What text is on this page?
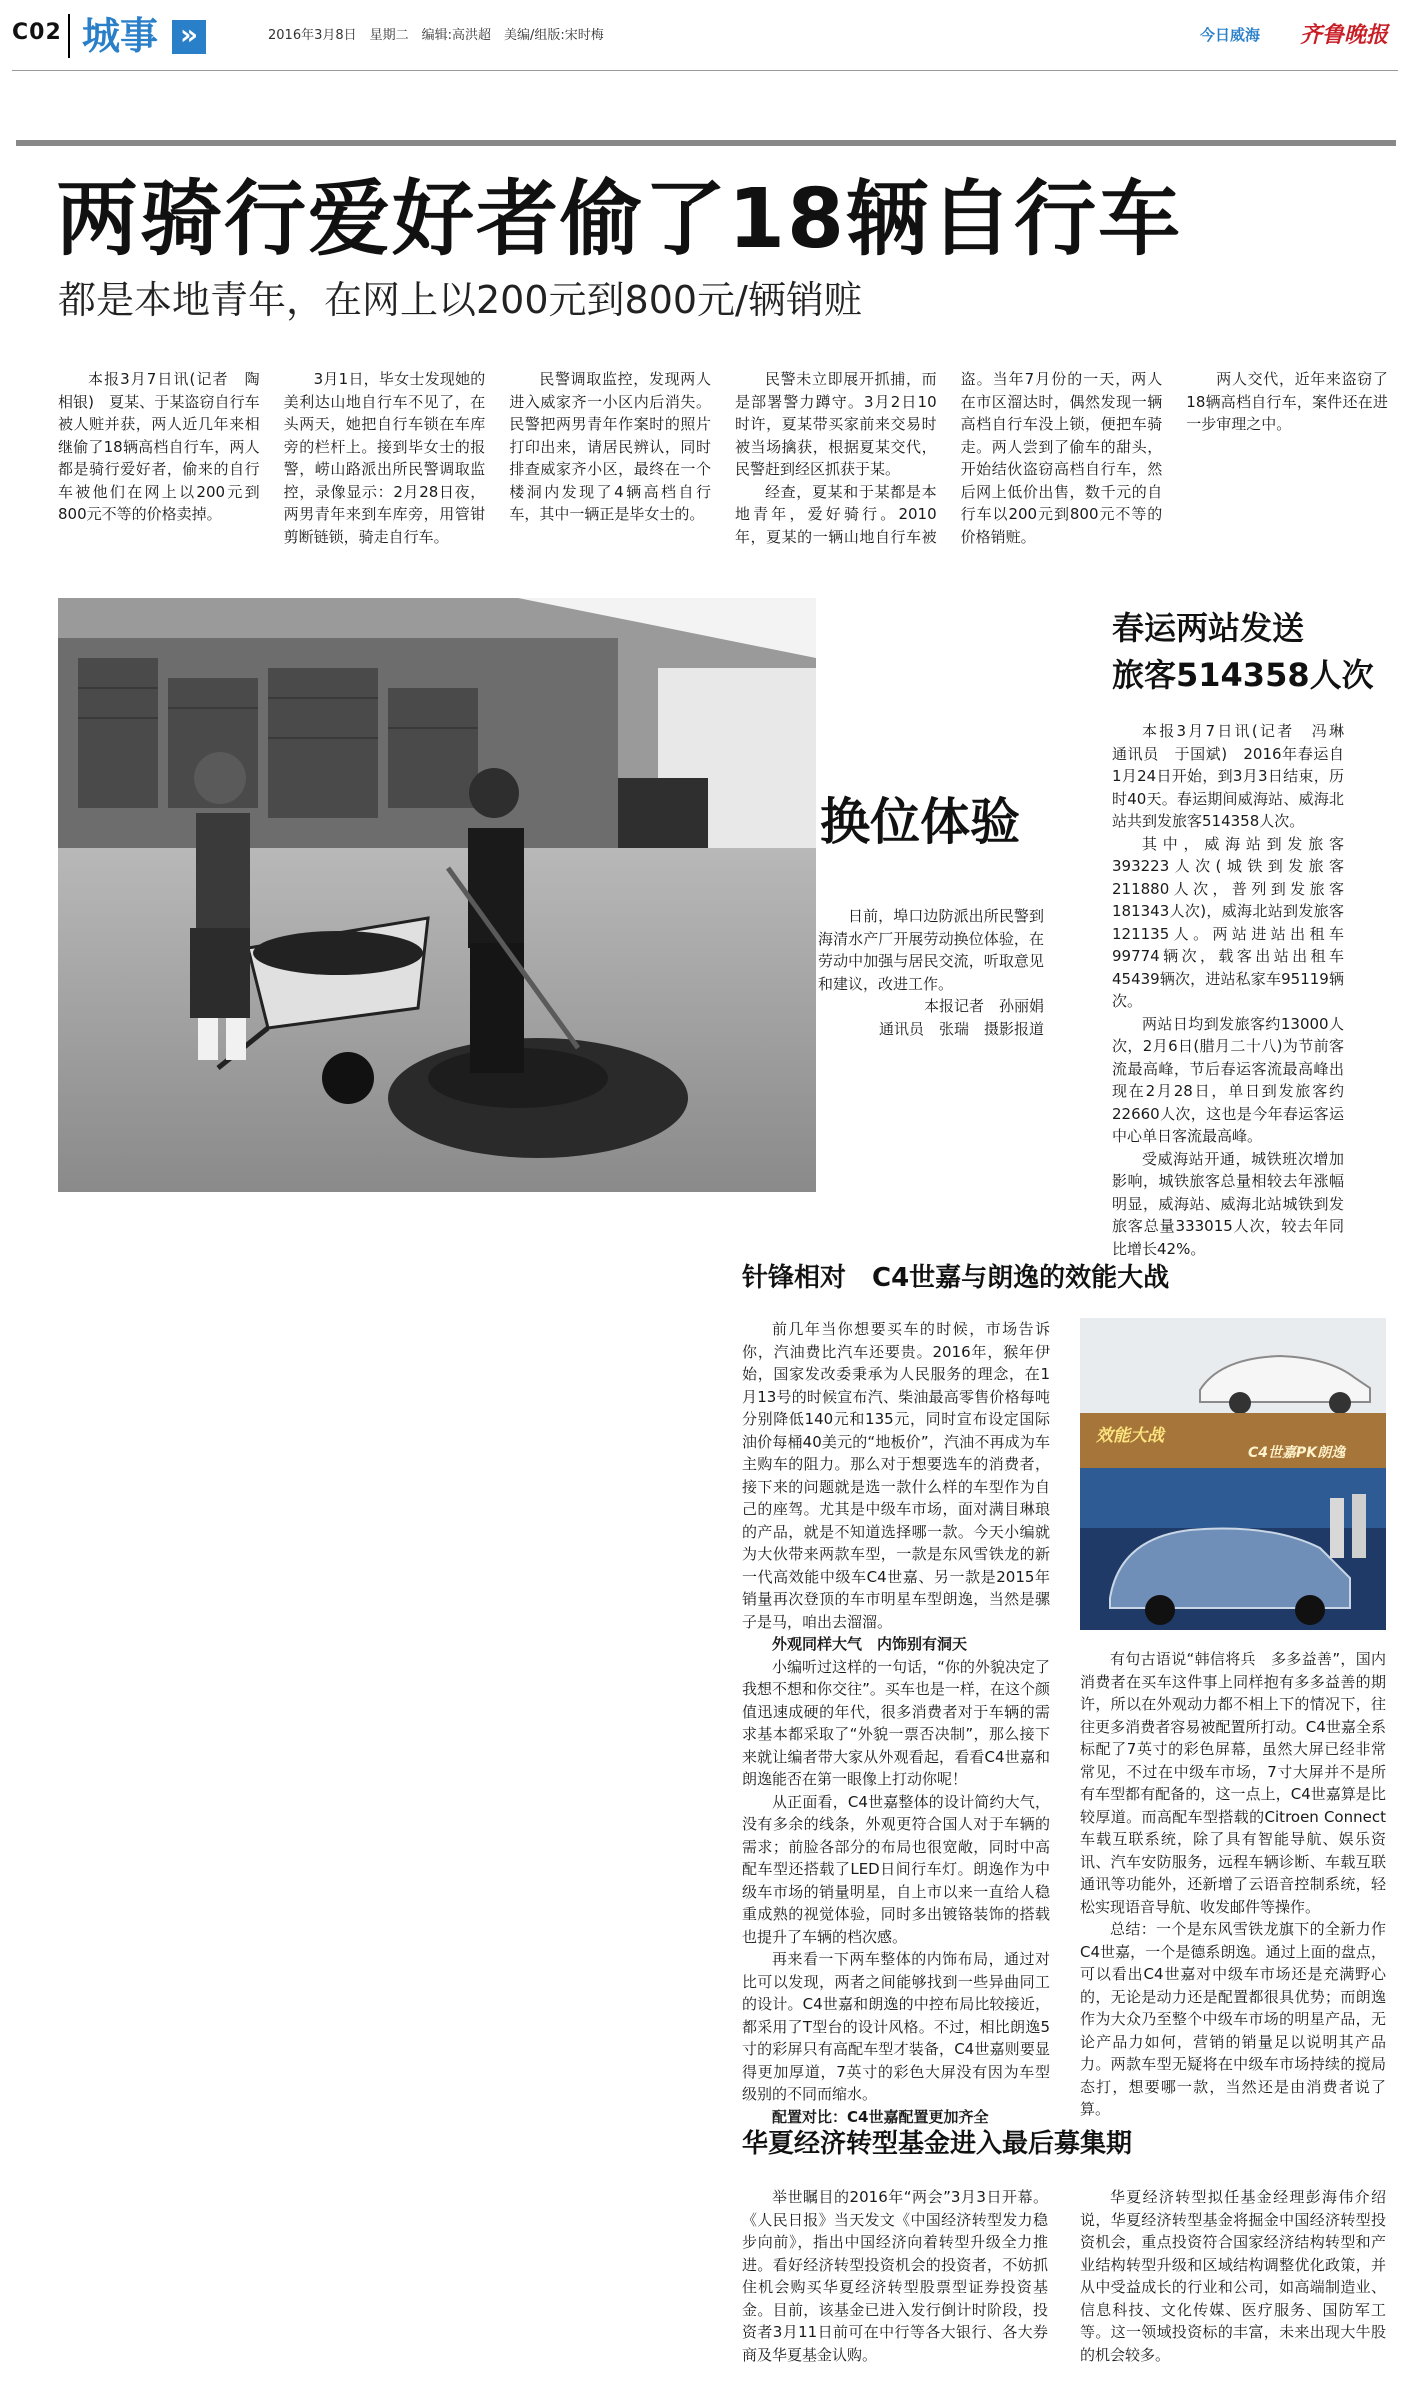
C02 城事 »	2016年3月8日　星期二　编辑:高洪超　美编/组版:宋时梅	今日威海 齐鲁晚报
两骑行爱好者偷了18辆自行车
都是本地青年，在网上以200元到800元/辆销赃

本报3月7日讯(记者　陶相银)　夏某、于某盗窃自行车被人赃并获，两人近几年来相继偷了18辆高档自行车，两人都是骑行爱好者，偷来的自行车被他们在网上以200元到800元不等的价格卖掉。

3月1日，毕女士发现她的美利达山地自行车不见了，在头两天，她把自行车锁在车库旁的栏杆上。接到毕女士的报警，崂山路派出所民警调取监控，录像显示：2月28日夜，两男青年来到车库旁，用管钳剪断链锁，骑走自行车。

民警调取监控，发现两人进入威家齐一小区内后消失。民警把两男青年作案时的照片打印出来，请居民辨认，同时排查威家齐小区，最终在一个楼洞内发现了4辆高档自行车，其中一辆正是毕女士的。

民警未立即展开抓捕，而是部署警力蹲守。3月2日10时许，夏某带买家前来交易时被当场擒获，根据夏某交代，民警赶到经区抓获于某。

经查，夏某和于某都是本地青年，爱好骑行。2010年，夏某的一辆山地自行车被盗。当年7月份的一天，两人在市区溜达时，偶然发现一辆高档自行车没上锁，便把车骑走。两人尝到了偷车的甜头，开始结伙盗窃高档自行车，然后网上低价出售，数千元的自行车以200元到800元不等的价格销赃。

两人交代，近年来盗窃了18辆高档自行车，案件还在进一步审理之中。

换位体验

日前，埠口边防派出所民警到海清水产厂开展劳动换位体验，在劳动中加强与居民交流，听取意见和建议，改进工作。

本报记者　孙丽娟

通讯员　张瑞　摄影报道

春运两站发送
旅客514358人次

本报3月7日讯(记者　冯琳　通讯员　于国斌)　2016年春运自1月24日开始，到3月3日结束，历时40天。春运期间威海站、威海北站共到发旅客514358人次。

其中，威海站到发旅客393223人次(城铁到发旅客211880人次，普列到发旅客181343人次)，威海北站到发旅客121135人。两站进站出租车99774辆次，载客出站出租车45439辆次，进站私家车95119辆次。

两站日均到发旅客约13000人次，2月6日(腊月二十八)为节前客流最高峰，节后春运客流最高峰出现在2月28日，单日到发旅客约22660人次，这也是今年春运客运中心单日客流最高峰。

受威海站开通，城铁班次增加影响，城铁旅客总量相较去年涨幅明显，威海站、威海北站城铁到发旅客总量333015人次，较去年同比增长42%。

针锋相对　C4世嘉与朗逸的效能大战

前几年当你想要买车的时候，市场告诉你，汽油费比汽车还要贵。2016年，猴年伊始，国家发改委秉承为人民服务的理念，在1月13号的时候宣布汽、柴油最高零售价格每吨分别降低140元和135元，同时宣布设定国际油价每桶40美元的“地板价”，汽油不再成为车主购车的阻力。那么对于想要选车的消费者，接下来的问题就是选一款什么样的车型作为自己的座驾。尤其是中级车市场，面对满目琳琅的产品，就是不知道选择哪一款。今天小编就为大伙带来两款车型，一款是东风雪铁龙的新一代高效能中级车C4世嘉、另一款是2015年销量再次登顶的车市明星车型朗逸，当然是骡子是马，咱出去溜溜。

外观同样大气　内饰别有洞天

小编听过这样的一句话，“你的外貌决定了我想不想和你交往”。买车也是一样，在这个颜值迅速成硬的年代，很多消费者对于车辆的需求基本都采取了“外貌一票否决制”，那么接下来就让编者带大家从外观看起，看看C4世嘉和朗逸能否在第一眼像上打动你呢！

从正面看，C4世嘉整体的设计简约大气，没有多余的线条，外观更符合国人对于车辆的需求；前脸各部分的布局也很宽敞，同时中高配车型还搭载了LED日间行车灯。朗逸作为中级车市场的销量明星，自上市以来一直给人稳重成熟的视觉体验，同时多出镀铬装饰的搭载也提升了车辆的档次感。

再来看一下两车整体的内饰布局，通过对比可以发现，两者之间能够找到一些异曲同工的设计。C4世嘉和朗逸的中控布局比较接近，都采用了T型台的设计风格。不过，相比朗逸5寸的彩屏只有高配车型才装备，C4世嘉则要显得更加厚道，7英寸的彩色大屏没有因为车型级别的不同而缩水。

配置对比：C4世嘉配置更加齐全

效能大战
C4世嘉PK朗逸

有句古语说“韩信将兵　多多益善”，国内消费者在买车这件事上同样抱有多多益善的期许，所以在外观动力都不相上下的情况下，往往更多消费者容易被配置所打动。C4世嘉全系标配了7英寸的彩色屏幕，虽然大屏已经非常常见，不过在中级车市场，7寸大屏并不是所有车型都有配备的，这一点上，C4世嘉算是比较厚道。而高配车型搭载的Citroen Connect车载互联系统，除了具有智能导航、娱乐资讯、汽车安防服务，远程车辆诊断、车载互联通讯等功能外，还新增了云语音控制系统，轻松实现语音导航、收发邮件等操作。

总结：一个是东风雪铁龙旗下的全新力作C4世嘉，一个是德系朗逸。通过上面的盘点，可以看出C4世嘉对中级车市场还是充满野心的，无论是动力还是配置都很具优势；而朗逸作为大众乃至整个中级车市场的明星产品，无论产品力如何，营销的销量足以说明其产品力。两款车型无疑将在中级车市场持续的搅局态打，想要哪一款，当然还是由消费者说了算。

华夏经济转型基金进入最后募集期

举世瞩目的2016年“两会”3月3日开幕。《人民日报》当天发文《中国经济转型发力稳步向前》，指出中国经济向着转型升级全力推进。看好经济转型投资机会的投资者，不妨抓住机会购买华夏经济转型股票型证券投资基金。目前，该基金已进入发行倒计时阶段，投资者3月11日前可在中行等各大银行、各大券商及华夏基金认购。

华夏经济转型拟任基金经理彭海伟介绍说，华夏经济转型基金将掘金中国经济转型投资机会，重点投资符合国家经济结构转型和产业结构转型升级和区域结构调整优化政策，并从中受益成长的行业和公司，如高端制造业、信息科技、文化传媒、医疗服务、国防军工等。这一领域投资标的丰富，未来出现大牛股的机会较多。
